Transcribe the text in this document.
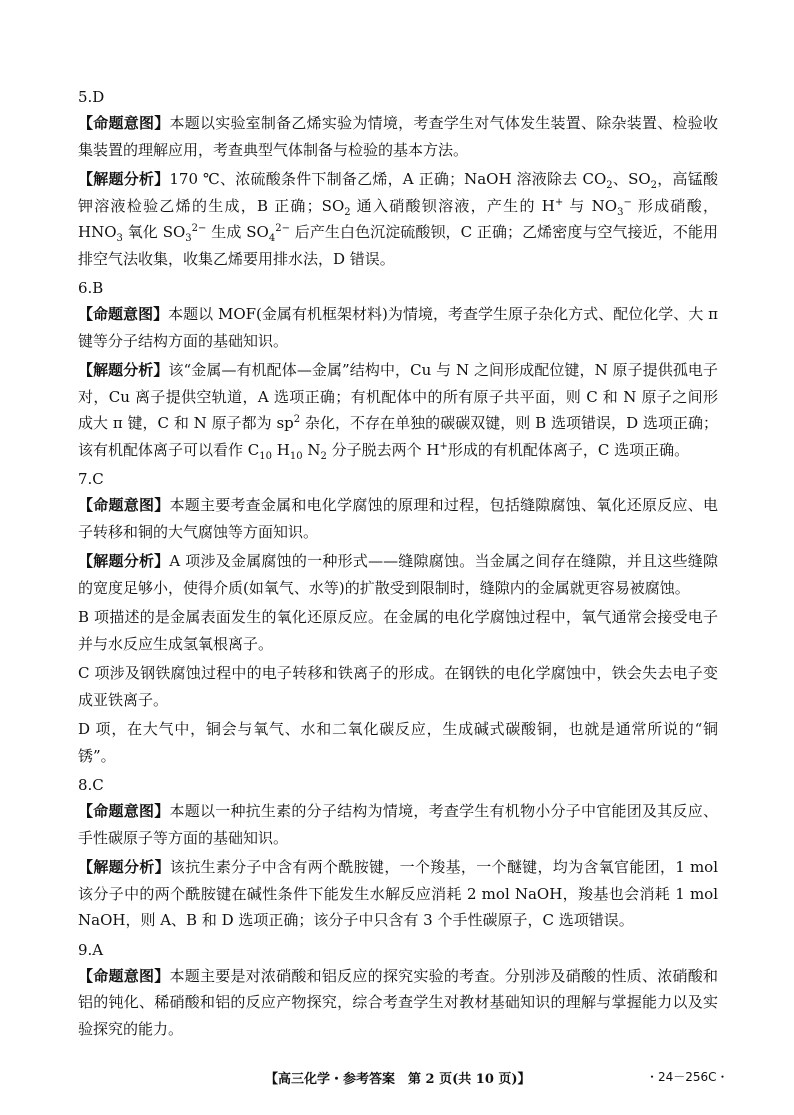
5.D

【命题意图】本题以实验室制备乙烯实验为情境，考查学生对气体发生装置、除杂装置、检验收集装置的理解应用，考查典型气体制备与检验的基本方法。

【解题分析】170 ℃、浓硫酸条件下制备乙烯，A 正确；NaOH 溶液除去 $CO_2$、$SO_2$，高锰酸钾溶液检验乙烯的生成，B 正确；$SO_2$ 通入硝酸钡溶液，产生的 H+ 与 $NO_3^-$ 形成硝酸，$HNO_3$ 氧化 $SO_3^{2-}$ 生成 $SO_4^{2-}$ 后产生白色沉淀硫酸钡，C 正确；乙烯密度与空气接近，不能用排空气法收集，收集乙烯要用排水法，D 错误。

6.B

【命题意图】本题以 MOF(金属有机框架材料)为情境，考查学生原子杂化方式、配位化学、大 π 键等分子结构方面的基础知识。

【解题分析】该“金属—有机配体—金属”结构中，Cu 与 N 之间形成配位键，N 原子提供孤电子对，Cu 离子提供空轨道，A 选项正确；有机配体中的所有原子共平面，则 C 和 N 原子之间形成大 π 键，C 和 N 原子都为 $sp^2$ 杂化，不存在单独的碳碳双键，则 B 选项错误，D 选项正确；该有机配体离子可以看作 $C_{10}$ $H_{10}$ $N_2$ 分子脱去两个 H+形成的有机配体离子，C 选项正确。

7.C

【命题意图】本题主要考查金属和电化学腐蚀的原理和过程，包括缝隙腐蚀、氧化还原反应、电子转移和铜的大气腐蚀等方面知识。

【解题分析】A 项涉及金属腐蚀的一种形式——缝隙腐蚀。当金属之间存在缝隙，并且这些缝隙的宽度足够小，使得介质(如氧气、水等)的扩散受到限制时，缝隙内的金属就更容易被腐蚀。

B 项描述的是金属表面发生的氧化还原反应。在金属的电化学腐蚀过程中，氧气通常会接受电子并与水反应生成氢氧根离子。

C 项涉及钢铁腐蚀过程中的电子转移和铁离子的形成。在钢铁的电化学腐蚀中，铁会失去电子变成亚铁离子。

D 项，在大气中，铜会与氧气、水和二氧化碳反应，生成碱式碳酸铜，也就是通常所说的“铜锈”。

8.C

【命题意图】本题以一种抗生素的分子结构为情境，考查学生有机物小分子中官能团及其反应、手性碳原子等方面的基础知识。

【解题分析】该抗生素分子中含有两个酰胺键，一个羧基，一个醚键，均为含氧官能团，1 mol 该分子中的两个酰胺键在碱性条件下能发生水解反应消耗 2 mol NaOH，羧基也会消耗 1 mol NaOH，则 A、B 和 D 选项正确；该分子中只含有 3 个手性碳原子，C 选项错误。

9.A

【命题意图】本题主要是对浓硝酸和铝反应的探究实验的考查。分别涉及硝酸的性质、浓硝酸和铝的钝化、稀硝酸和铝的反应产物探究，综合考查学生对教材基础知识的理解与掌握能力以及实验探究的能力。

【高三化学・参考答案　第 2 页(共 10 页)】	・24－256C・
